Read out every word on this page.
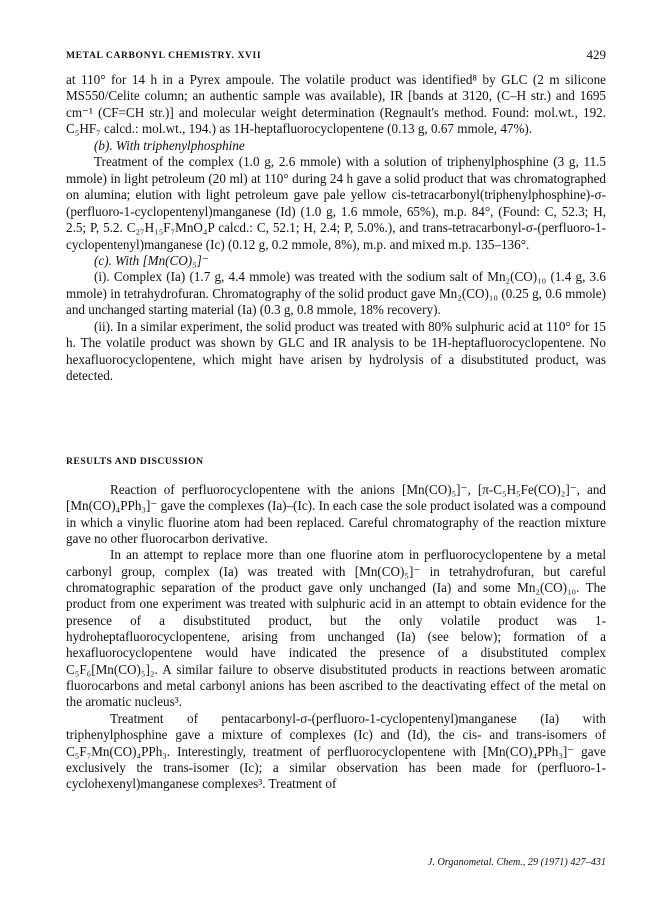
METAL CARBONYL CHEMISTRY. XVII	429

at 110° for 14 h in a Pyrex ampoule. The volatile product was identified⁸ by GLC (2 m silicone MS550/Celite column; an authentic sample was available), IR [bands at 3120, (C–H str.) and 1695 cm⁻¹ (CF=CH str.)] and molecular weight determination (Regnault's method. Found: mol.wt., 192. C₅HF₇ calcd.: mol.wt., 194.) as 1H-heptafluorocyclopentene (0.13 g, 0.67 mmole, 47%).

(b). With triphenylphosphine

Treatment of the complex (1.0 g, 2.6 mmole) with a solution of triphenylphosphine (3 g, 11.5 mmole) in light petroleum (20 ml) at 110° during 24 h gave a solid product that was chromatographed on alumina; elution with light petroleum gave pale yellow cis-tetracarbonyl(triphenylphosphine)-σ-(perfluoro-1-cyclopentenyl)manganese (Id) (1.0 g, 1.6 mmole, 65%), m.p. 84°, (Found: C, 52.3; H, 2.5; P, 5.2. C₂₇H₁₅F₇MnO₄P calcd.: C, 52.1; H, 2.4; P, 5.0%.), and trans-tetracarbonyl-σ-(perfluoro-1-cyclopentenyl)manganese (Ic) (0.12 g, 0.2 mmole, 8%), m.p. and mixed m.p. 135–136°.

(c). With [Mn(CO)₅]⁻

(i). Complex (Ia) (1.7 g, 4.4 mmole) was treated with the sodium salt of Mn₂(CO)₁₀ (1.4 g, 3.6 mmole) in tetrahydrofuran. Chromatography of the solid product gave Mn₂(CO)₁₀ (0.25 g, 0.6 mmole) and unchanged starting material (Ia) (0.3 g, 0.8 mmole, 18% recovery).

(ii). In a similar experiment, the solid product was treated with 80% sulphuric acid at 110° for 15 h. The volatile product was shown by GLC and IR analysis to be 1H-heptafluorocyclopentene. No hexafluorocyclopentene, which might have arisen by hydrolysis of a disubstituted product, was detected.

RESULTS AND DISCUSSION

Reaction of perfluorocyclopentene with the anions [Mn(CO)₅]⁻, [π-C₅H₅Fe(CO)₂]⁻, and [Mn(CO)₄PPh₃]⁻ gave the complexes (Ia)–(Ic). In each case the sole product isolated was a compound in which a vinylic fluorine atom had been replaced. Careful chromatography of the reaction mixture gave no other fluorocarbon derivative.

In an attempt to replace more than one fluorine atom in perfluorocyclopentene by a metal carbonyl group, complex (Ia) was treated with [Mn(CO)₅]⁻ in tetrahydrofuran, but careful chromatographic separation of the product gave only unchanged (Ia) and some Mn₂(CO)₁₀. The product from one experiment was treated with sulphuric acid in an attempt to obtain evidence for the presence of a disubstituted product, but the only volatile product was 1-hydroheptafluorocyclopentene, arising from unchanged (Ia) (see below); formation of a hexafluorocyclopentene would have indicated the presence of a disubstituted complex C₅F₆[Mn(CO)₅]₂. A similar failure to observe disubstituted products in reactions between aromatic fluorocarbons and metal carbonyl anions has been ascribed to the deactivating effect of the metal on the aromatic nucleus³.

Treatment of pentacarbonyl-σ-(perfluoro-1-cyclopentenyl)manganese (Ia) with triphenylphosphine gave a mixture of complexes (Ic) and (Id), the cis- and trans-isomers of C₅F₇Mn(CO)₄PPh₃. Interestingly, treatment of perfluorocyclopentene with [Mn(CO)₄PPh₃]⁻ gave exclusively the trans-isomer (Ic); a similar observation has been made for (perfluoro-1-cyclohexenyl)manganese complexes³. Treatment of

J. Organometal. Chem., 29 (1971) 427–431
